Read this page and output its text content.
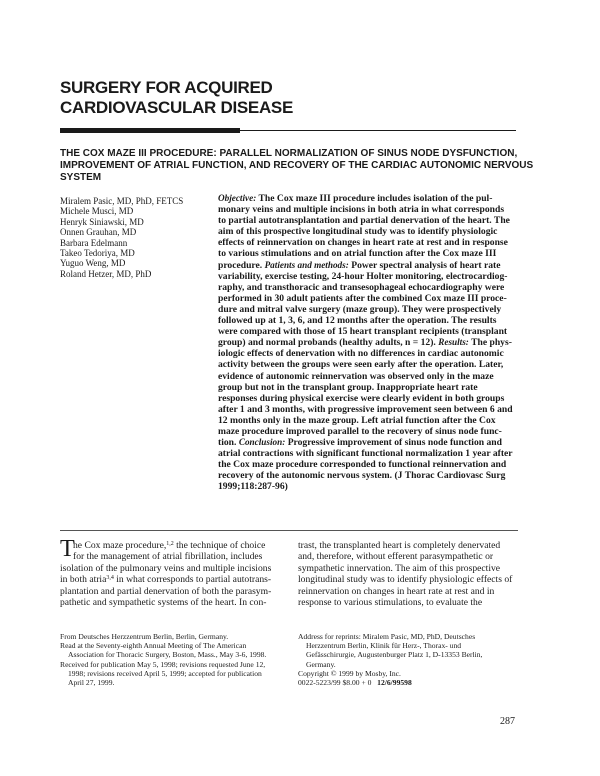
SURGERY FOR ACQUIRED
CARDIOVASCULAR DISEASE
THE COX MAZE III PROCEDURE: PARALLEL NORMALIZATION OF SINUS NODE DYSFUNCTION,
IMPROVEMENT OF ATRIAL FUNCTION, AND RECOVERY OF THE CARDIAC AUTONOMIC NERVOUS
SYSTEM
Miralem Pasic, MD, PhD, FETCS
Michele Musci, MD
Henryk Siniawski, MD
Onnen Grauhan, MD
Barbara Edelmann
Takeo Tedoriya, MD
Yuguo Weng, MD
Roland Hetzer, MD, PhD
Objective: The Cox maze III procedure includes isolation of the pul-
monary veins and multiple incisions in both atria in what corresponds
to partial autotransplantation and partial denervation of the heart. The
aim of this prospective longitudinal study was to identify physiologic
effects of reinnervation on changes in heart rate at rest and in response
to various stimulations and on atrial function after the Cox maze III
procedure. Patients and methods: Power spectral analysis of heart rate
variability, exercise testing, 24-hour Holter monitoring, electrocardiog-
raphy, and transthoracic and transesophageal echocardiography were
performed in 30 adult patients after the combined Cox maze III proce-
dure and mitral valve surgery (maze group). They were prospectively
followed up at 1, 3, 6, and 12 months after the operation. The results
were compared with those of 15 heart transplant recipients (transplant
group) and normal probands (healthy adults, n = 12). Results: The phys-
iologic effects of denervation with no differences in cardiac autonomic
activity between the groups were seen early after the operation. Later,
evidence of autonomic reinnervation was observed only in the maze
group but not in the transplant group. Inappropriate heart rate
responses during physical exercise were clearly evident in both groups
after 1 and 3 months, with progressive improvement seen between 6 and
12 months only in the maze group. Left atrial function after the Cox
maze procedure improved parallel to the recovery of sinus node func-
tion. Conclusion: Progressive improvement of sinus node function and
atrial contractions with significant functional normalization 1 year after
the Cox maze procedure corresponded to functional reinnervation and
recovery of the autonomic nervous system. (J Thorac Cardiovasc Surg
1999;118:287-96)
T
he Cox maze procedure,$^{1,2}$ the technique of choice
for the management of atrial fibrillation, includes
isolation of the pulmonary veins and multiple incisions
in both atria$^{3,4}$ in what corresponds to partial autotrans-
plantation and partial denervation of both the parasym-
pathetic and sympathetic systems of the heart. In con-
trast, the transplanted heart is completely denervated
and, therefore, without efferent parasympathetic or
sympathetic innervation. The aim of this prospective
longitudinal study was to identify physiologic effects of
reinnervation on changes in heart rate at rest and in
response to various stimulations, to evaluate the
From Deutsches Herzzentrum Berlin, Berlin, Germany.
Read at the Seventy-eighth Annual Meeting of The American
Association for Thoracic Surgery, Boston, Mass., May 3-6, 1998.
Received for publication May 5, 1998; revisions requested June 12,
1998; revisions received April 5, 1999; accepted for publication
April 27, 1999.
Address for reprints: Miralem Pasic, MD, PhD, Deutsches
Herzzentrum Berlin, Klinik für Herz-, Thorax- und
Gefässchirurgie, Augustenburger Platz 1, D-13353 Berlin,
Germany.
Copyright © 1999 by Mosby, Inc.
0022-5223/99 $8.00 + 0 12/6/99598
287
